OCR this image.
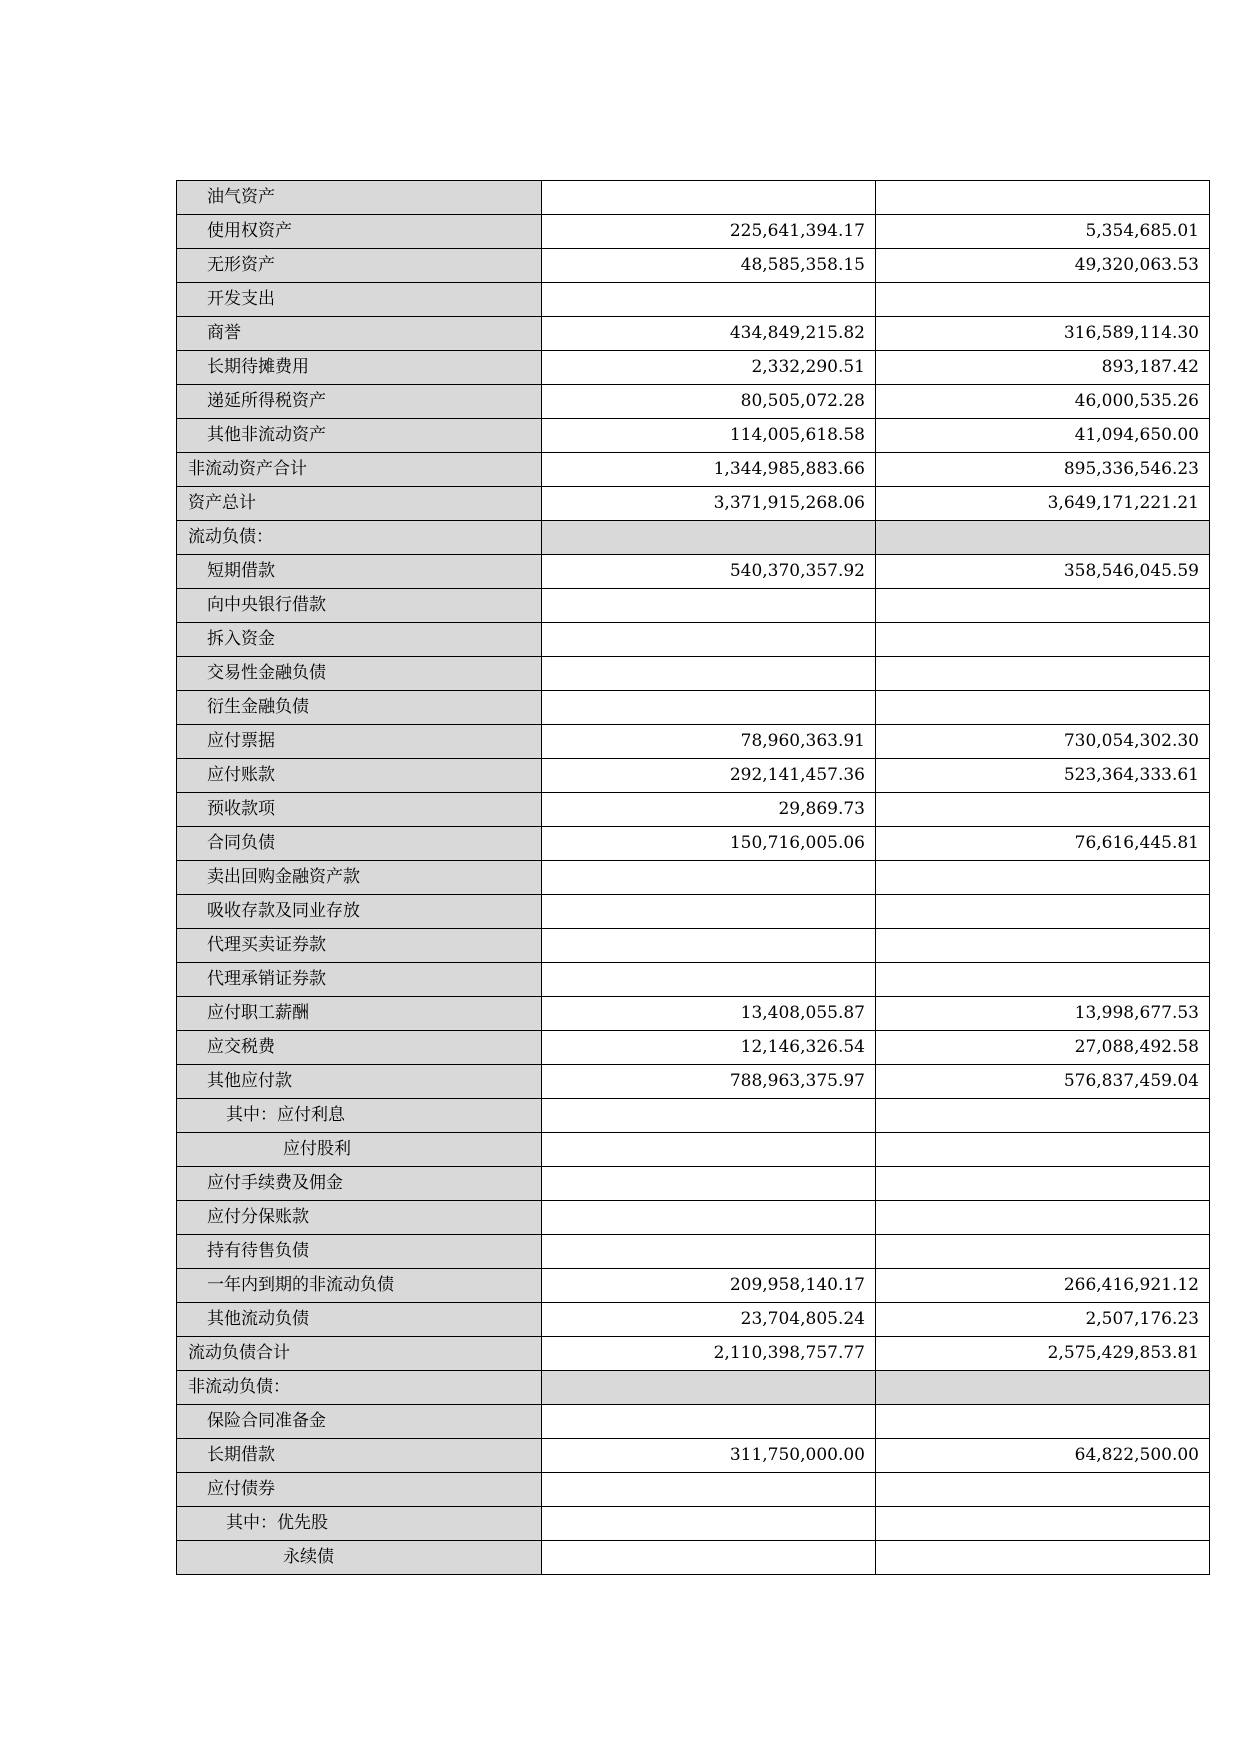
油气资产		
使用权资产	225,641,394.17	5,354,685.01
无形资产	48,585,358.15	49,320,063.53
开发支出		
商誉	434,849,215.82	316,589,114.30
长期待摊费用	2,332,290.51	893,187.42
递延所得税资产	80,505,072.28	46,000,535.26
其他非流动资产	114,005,618.58	41,094,650.00
非流动资产合计	1,344,985,883.66	895,336,546.23
资产总计	3,371,915,268.06	3,649,171,221.21
流动负债：		
短期借款	540,370,357.92	358,546,045.59
向中央银行借款		
拆入资金		
交易性金融负债		
衍生金融负债		
应付票据	78,960,363.91	730,054,302.30
应付账款	292,141,457.36	523,364,333.61
预收款项	29,869.73	
合同负债	150,716,005.06	76,616,445.81
卖出回购金融资产款		
吸收存款及同业存放		
代理买卖证券款		
代理承销证券款		
应付职工薪酬	13,408,055.87	13,998,677.53
应交税费	12,146,326.54	27,088,492.58
其他应付款	788,963,375.97	576,837,459.04
其中：应付利息		
应付股利		
应付手续费及佣金		
应付分保账款		
持有待售负债		
一年内到期的非流动负债	209,958,140.17	266,416,921.12
其他流动负债	23,704,805.24	2,507,176.23
流动负债合计	2,110,398,757.77	2,575,429,853.81
非流动负债：		
保险合同准备金		
长期借款	311,750,000.00	64,822,500.00
应付债券		
其中：优先股		
永续债		
